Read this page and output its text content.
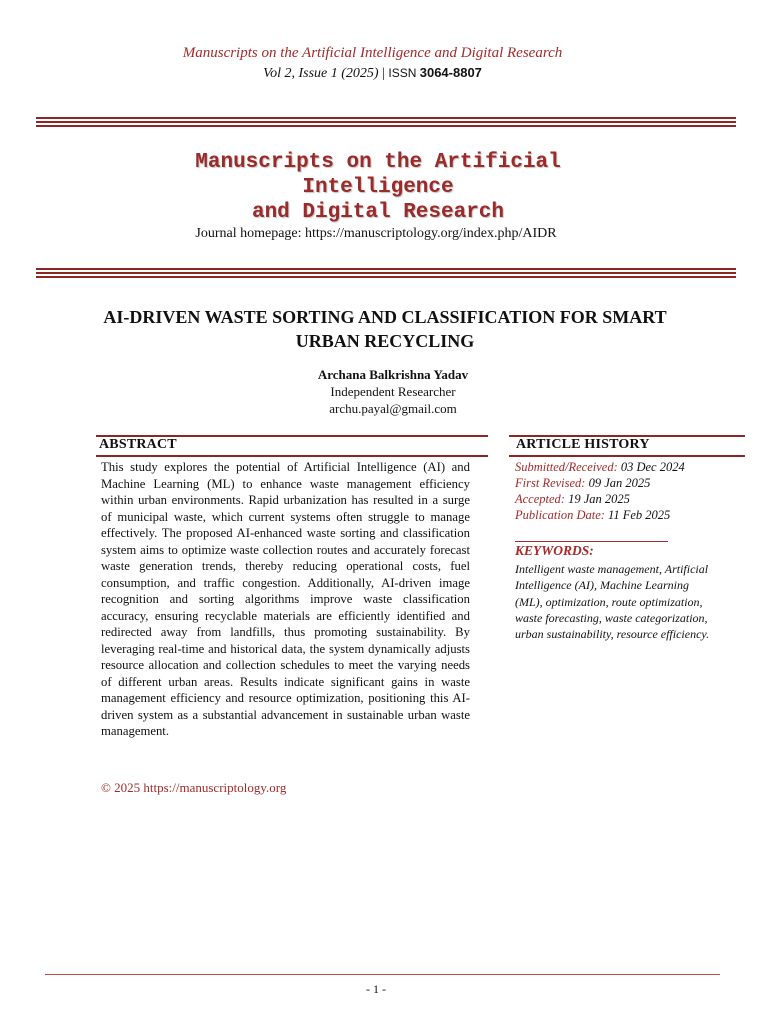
Manuscripts on the Artificial Intelligence and Digital Research
Vol 2, Issue 1 (2025) | ISSN 3064-8807
Manuscripts on the Artificial
Intelligence
and Digital Research
Journal homepage: https://manuscriptology.org/index.php/AIDR
AI-DRIVEN WASTE SORTING AND CLASSIFICATION FOR SMART
URBAN RECYCLING
Archana Balkrishna Yadav
Independent Researcher
archu.payal@gmail.com
ABSTRACT
This study explores the potential of Artificial Intelligence (AI) and Machine Learning (ML) to enhance waste management efficiency within urban environments. Rapid urbanization has resulted in a surge of municipal waste, which current systems often struggle to manage effectively. The proposed AI-enhanced waste sorting and classification system aims to optimize waste collection routes and accurately forecast waste generation trends, thereby reducing operational costs, fuel consumption, and traffic congestion. Additionally, AI-driven image recognition and sorting algorithms improve waste classification accuracy, ensuring recyclable materials are efficiently identified and redirected away from landfills, thus promoting sustainability. By leveraging real-time and historical data, the system dynamically adjusts resource allocation and collection schedules to meet the varying needs of different urban areas. Results indicate significant gains in waste management efficiency and resource optimization, positioning this AI-driven system as a substantial advancement in sustainable urban waste management.
© 2025 https://manuscriptology.org
ARTICLE HISTORY
Submitted/Received: 03 Dec 2024
First Revised: 09 Jan 2025
Accepted: 19 Jan 2025
Publication Date: 11 Feb 2025
KEYWORDS:
Intelligent waste management, Artificial Intelligence (AI), Machine Learning (ML), optimization, route optimization, waste forecasting, waste categorization, urban sustainability, resource efficiency.
- 1 -
